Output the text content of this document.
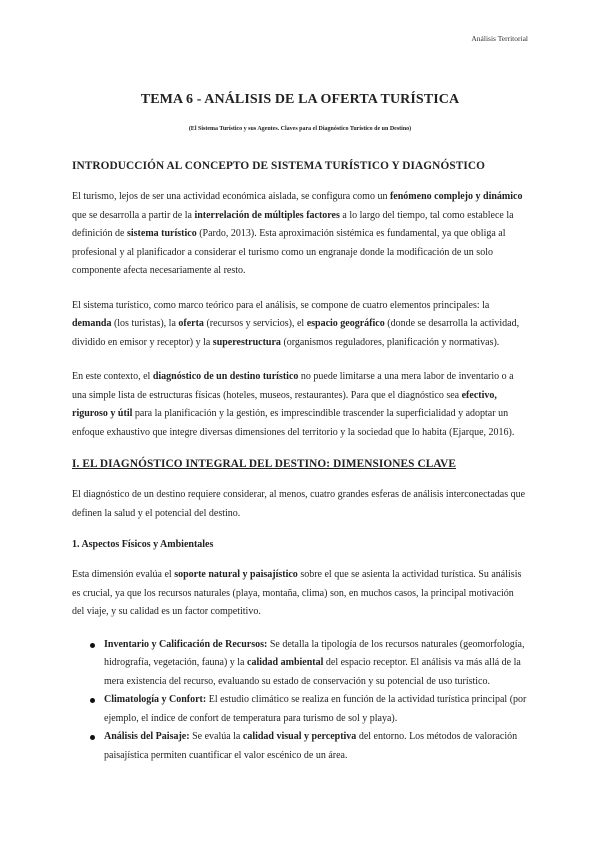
Análisis Territorial
TEMA 6 - ANÁLISIS DE LA OFERTA TURÍSTICA
(El Sistema Turístico y sus Agentes. Claves para el Diagnóstico Turístico de un Destino)
INTRODUCCIÓN AL CONCEPTO DE SISTEMA TURÍSTICO Y DIAGNÓSTICO

El turismo, lejos de ser una actividad económica aislada, se configura como un fenómeno complejo y dinámico que se desarrolla a partir de la interrelación de múltiples factores a lo largo del tiempo, tal como establece la definición de sistema turístico (Pardo, 2013). Esta aproximación sistémica es fundamental, ya que obliga al profesional y al planificador a considerar el turismo como un engranaje donde la modificación de un solo componente afecta necesariamente al resto.

El sistema turístico, como marco teórico para el análisis, se compone de cuatro elementos principales: la demanda (los turistas), la oferta (recursos y servicios), el espacio geográfico (donde se desarrolla la actividad, dividido en emisor y receptor) y la superestructura (organismos reguladores, planificación y normativas).

En este contexto, el diagnóstico de un destino turístico no puede limitarse a una mera labor de inventario o a una simple lista de estructuras físicas (hoteles, museos, restaurantes). Para que el diagnóstico sea efectivo, riguroso y útil para la planificación y la gestión, es imprescindible trascender la superficialidad y adoptar un enfoque exhaustivo que integre diversas dimensiones del territorio y la sociedad que lo habita (Ejarque, 2016).

I. EL DIAGNÓSTICO INTEGRAL DEL DESTINO: DIMENSIONES CLAVE

El diagnóstico de un destino requiere considerar, al menos, cuatro grandes esferas de análisis interconectadas que definen la salud y el potencial del destino.

1. Aspectos Físicos y Ambientales

Esta dimensión evalúa el soporte natural y paisajístico sobre el que se asienta la actividad turística. Su análisis es crucial, ya que los recursos naturales (playa, montaña, clima) son, en muchos casos, la principal motivación del viaje, y su calidad es un factor competitivo.

Inventario y Calificación de Recursos: Se detalla la tipología de los recursos naturales (geomorfología, hidrografía, vegetación, fauna) y la calidad ambiental del espacio receptor. El análisis va más allá de la mera existencia del recurso, evaluando su estado de conservación y su potencial de uso turístico.
Climatología y Confort: El estudio climático se realiza en función de la actividad turística principal (por ejemplo, el índice de confort de temperatura para turismo de sol y playa).
Análisis del Paisaje: Se evalúa la calidad visual y perceptiva del entorno. Los métodos de valoración paisajística permiten cuantificar el valor escénico de un área.
